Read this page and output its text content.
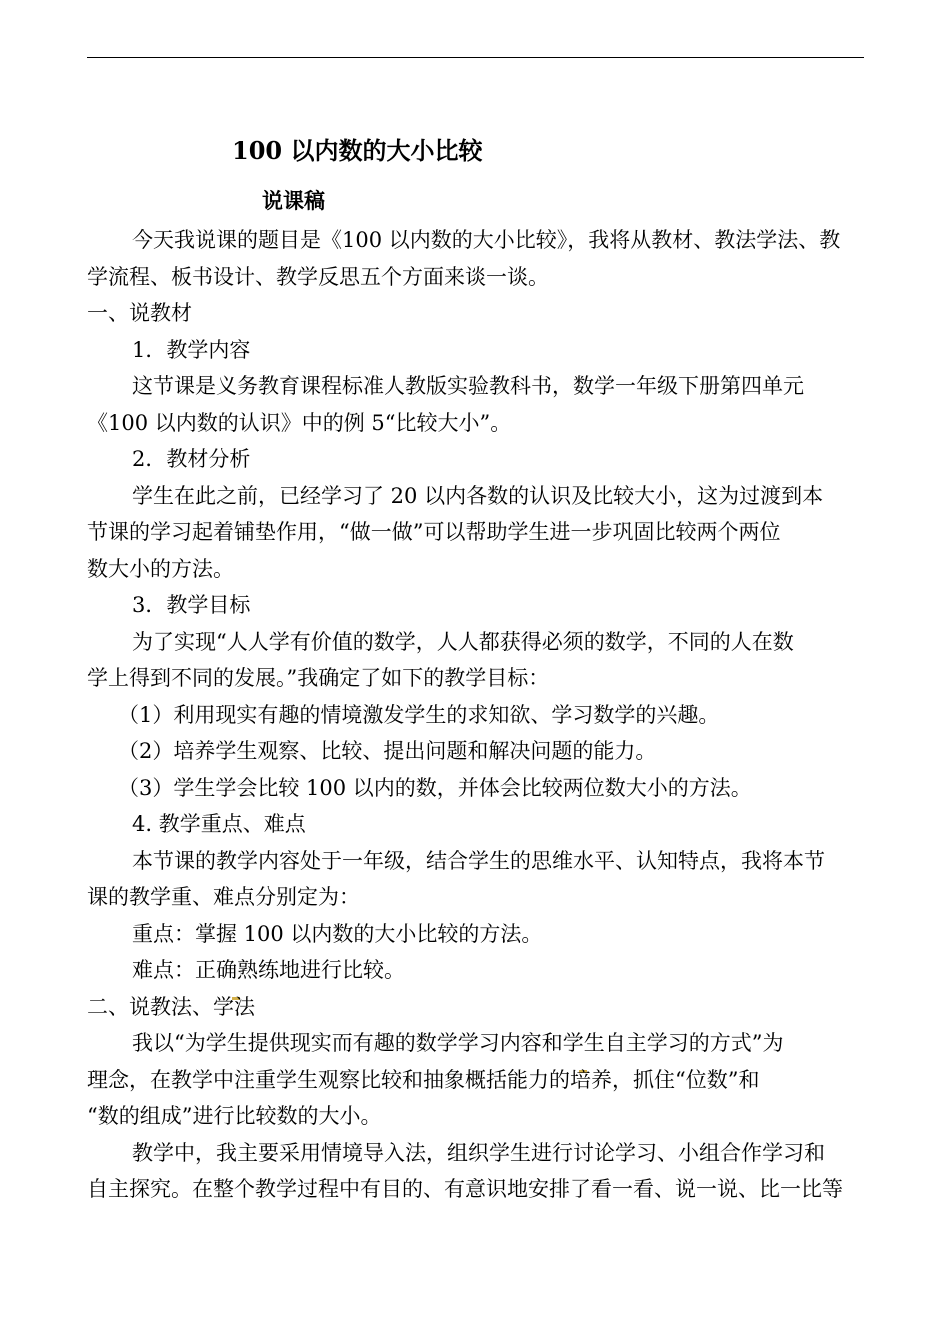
100 以内数的大小比较
说课稿
今天我说课的题目是《100 以内数的大小比较》，我将从教材、教法学法、教
学流程、板书设计、教学反思五个方面来谈一谈。
一、说教材
1．教学内容
这节课是义务教育课程标准人教版实验教科书，数学一年级下册第四单元
《100 以内数的认识》中的例 5“比较大小”。
2．教材分析
学生在此之前，已经学习了 20 以内各数的认识及比较大小，这为过渡到本
节课的学习起着铺垫作用，“做一做”可以帮助学生进一步巩固比较两个两位
数大小的方法。
3．教学目标
为了实现“人人学有价值的数学，人人都获得必须的数学，不同的人在数
学上得到不同的发展。”我确定了如下的教学目标：
（1）利用现实有趣的情境激发学生的求知欲、学习数学的兴趣。
（2）培养学生观察、比较、提出问题和解决问题的能力。
（3）学生学会比较 100 以内的数，并体会比较两位数大小的方法。
4. 教学重点、难点
本节课的教学内容处于一年级，结合学生的思维水平、认知特点，我将本节
课的教学重、难点分别定为：
重点：掌握 100 以内数的大小比较的方法。
难点：正确熟练地进行比较。
二、说教法、学法
我以“为学生提供现实而有趣的数学学习内容和学生自主学习的方式”为
理念，在教学中注重学生观察比较和抽象概括能力的培养，抓住“位数”和
“数的组成”进行比较数的大小。
教学中，我主要采用情境导入法，组织学生进行讨论学习、小组合作学习和
自主探究。在整个教学过程中有目的、有意识地安排了看一看、说一说、比一比等
